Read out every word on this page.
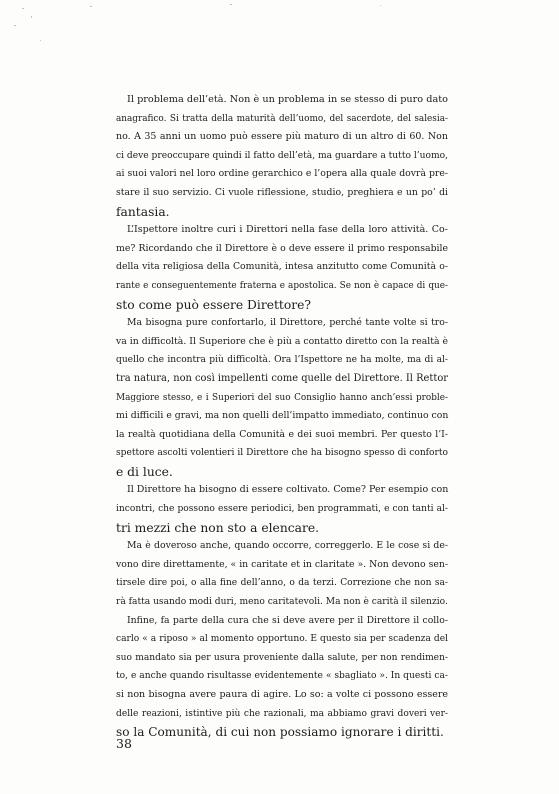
Il problema dell’età. Non è un problema in se stesso di puro dato
anagrafico. Si tratta della maturità dell’uomo, del sacerdote, del salesia-
no. A 35 anni un uomo può essere più maturo di un altro di 60. Non
ci deve preoccupare quindi il fatto dell’età, ma guardare a tutto l’uomo,
ai suoi valori nel loro ordine gerarchico e l’opera alla quale dovrà pre-
stare il suo servizio. Ci vuole riflessione, studio, preghiera e un po’ di
fantasia.
L’Ispettore inoltre curi i Direttori nella fase della loro attività. Co-
me? Ricordando che il Direttore è o deve essere il primo responsabile
della vita religiosa della Comunità, intesa anzitutto come Comunità o-
rante e conseguentemente fraterna e apostolica. Se non è capace di que-
sto come può essere Direttore?
Ma bisogna pure confortarlo, il Direttore, perché tante volte si tro-
va in difficoltà. Il Superiore che è più a contatto diretto con la realtà è
quello che incontra più difficoltà. Ora l’Ispettore ne ha molte, ma di al-
tra natura, non così impellenti come quelle del Direttore. Il Rettor
Maggiore stesso, e i Superiori del suo Consiglio hanno anch’essi proble-
mi difficili e gravi, ma non quelli dell’impatto immediato, continuo con
la realtà quotidiana della Comunità e dei suoi membri. Per questo l’I-
spettore ascolti volentieri il Direttore che ha bisogno spesso di conforto
e di luce.
Il Direttore ha bisogno di essere coltivato. Come? Per esempio con
incontri, che possono essere periodici, ben programmati, e con tanti al-
tri mezzi che non sto a elencare.
Ma è doveroso anche, quando occorre, correggerlo. E le cose si de-
vono dire direttamente, « in caritate et in claritate ». Non devono sen-
tirsele dire poi, o alla fine dell’anno, o da terzi. Correzione che non sa-
rà fatta usando modi duri, meno caritatevoli. Ma non è carità il silenzio.
Infine, fa parte della cura che si deve avere per il Direttore il collo-
carlo « a riposo » al momento opportuno. E questo sia per scadenza del
suo mandato sia per usura proveniente dalla salute, per non rendimen-
to, e anche quando risultasse evidentemente « sbagliato ». In questi ca-
si non bisogna avere paura di agire. Lo so: a volte ci possono essere
delle reazioni, istintive più che razionali, ma abbiamo gravi doveri ver-
so la Comunità, di cui non possiamo ignorare i diritti.
38
